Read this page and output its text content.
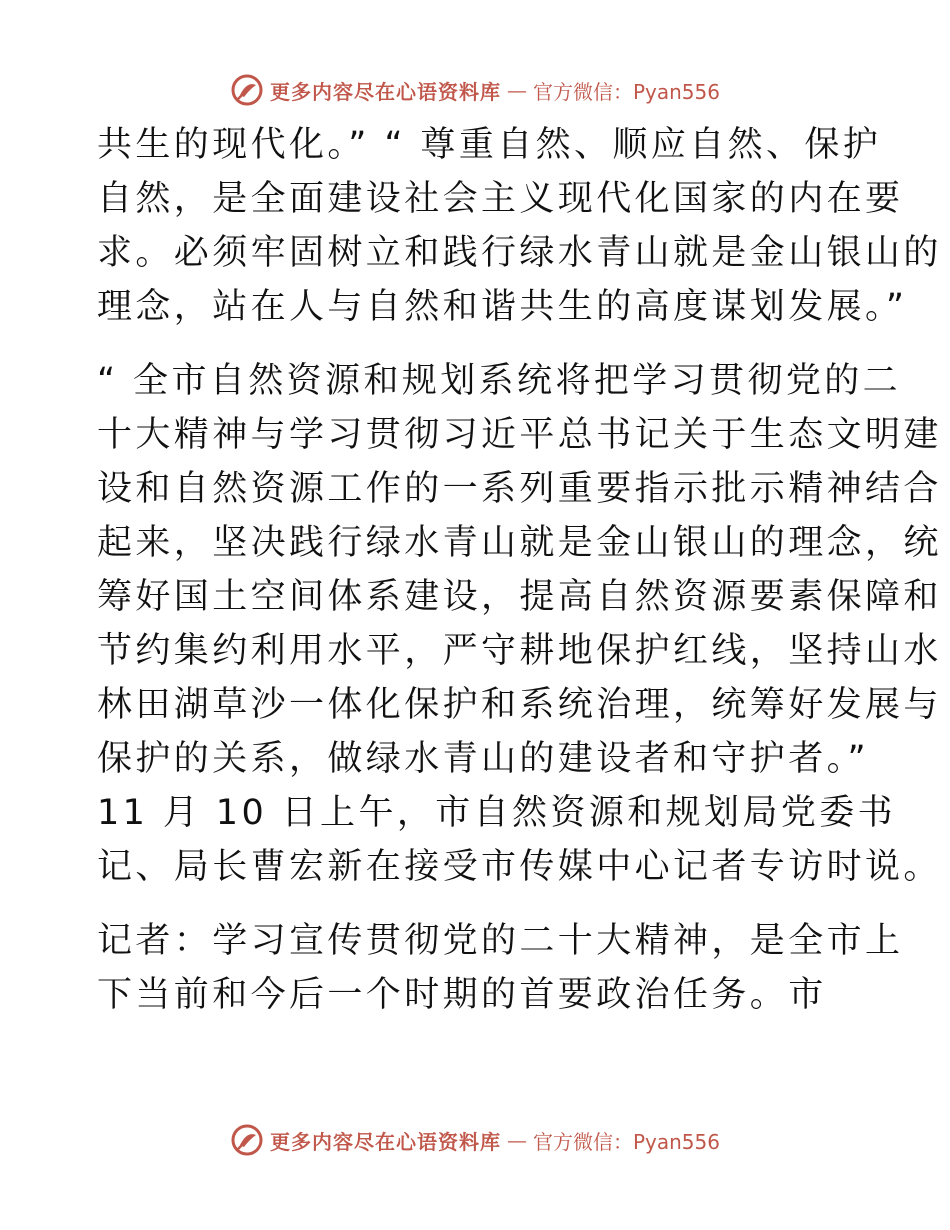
更多内容尽在心语资料库 — 官方微信：Pyan556
共生的现代化。” “ 尊重自然、顺应自然、保护
自然，是全面建设社会主义现代化国家的内在要
求。必须牢固树立和践行绿水青山就是金山银山的
理念，站在人与自然和谐共生的高度谋划发展。”
“ 全市自然资源和规划系统将把学习贯彻党的二
十大精神与学习贯彻习近平总书记关于生态文明建
设和自然资源工作的一系列重要指示批示精神结合
起来，坚决践行绿水青山就是金山银山的理念，统
筹好国土空间体系建设，提高自然资源要素保障和
节约集约利用水平，严守耕地保护红线，坚持山水
林田湖草沙一体化保护和系统治理，统筹好发展与
保护的关系，做绿水青山的建设者和守护者。”
11 月 10 日上午，市自然资源和规划局党委书
记、局长曹宏新在接受市传媒中心记者专访时说。
记者：学习宣传贯彻党的二十大精神，是全市上
下当前和今后一个时期的首要政治任务。市
更多内容尽在心语资料库 — 官方微信：Pyan556
